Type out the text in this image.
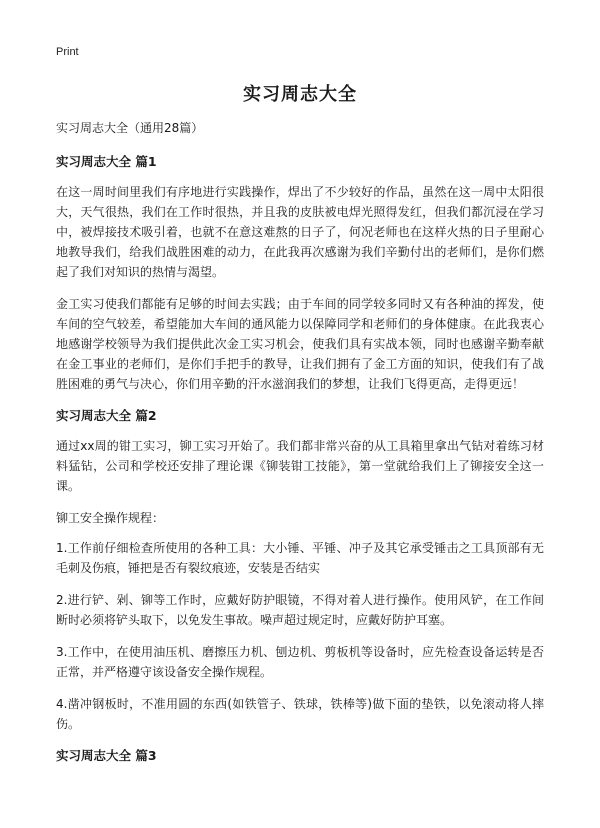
Print
实习周志大全
实习周志大全（通用28篇）
实习周志大全 篇1

在这一周时间里我们有序地进行实践操作，焊出了不少较好的作品，虽然在这一周中太阳很大，天气很热，我们在工作时很热，并且我的皮肤被电焊光照得发红，但我们都沉浸在学习中，被焊接技术吸引着，也就不在意这难熬的日子了，何况老师也在这样火热的日子里耐心地教导我们，给我们战胜困难的动力，在此我再次感谢为我们辛勤付出的老师们，是你们燃起了我们对知识的热情与渴望。

金工实习使我们都能有足够的时间去实践；由于车间的同学较多同时又有各种油的挥发，使车间的空气较差，希望能加大车间的通风能力以保障同学和老师们的身体健康。在此我衷心地感谢学校领导为我们提供此次金工实习机会，使我们具有实战本领，同时也感谢辛勤奉献在金工事业的老师们，是你们手把手的教导，让我们拥有了金工方面的知识，使我们有了战胜困难的勇气与决心，你们用辛勤的汗水滋润我们的梦想，让我们飞得更高，走得更远！

实习周志大全 篇2

通过xx周的钳工实习，铆工实习开始了。我们都非常兴奋的从工具箱里拿出气钻对着练习材料猛钻，公司和学校还安排了理论课《铆装钳工技能》，第一堂就给我们上了铆接安全这一课。

铆工安全操作规程：

1.工作前仔细检查所使用的各种工具：大小锤、平锤、冲子及其它承受锤击之工具顶部有无 毛刺及伤痕，锤把是否有裂纹痕迹，安装是否结实

2.进行铲、剁、铆等工作时，应戴好防护眼镜，不得对着人进行操作。使用风铲，在工作间断时必须将铲头取下，以免发生事故。噪声超过规定时，应戴好防护耳塞。

3.工作中，在使用油压机、磨擦压力机、刨边机、剪板机等设备时，应先检查设备运转是否正常，并严格遵守该设备安全操作规程。

4.凿冲钢板时，不准用圆的东西(如铁管子、铁球，铁棒等)做下面的垫铁，以免滚动将人摔伤。

实习周志大全 篇3
